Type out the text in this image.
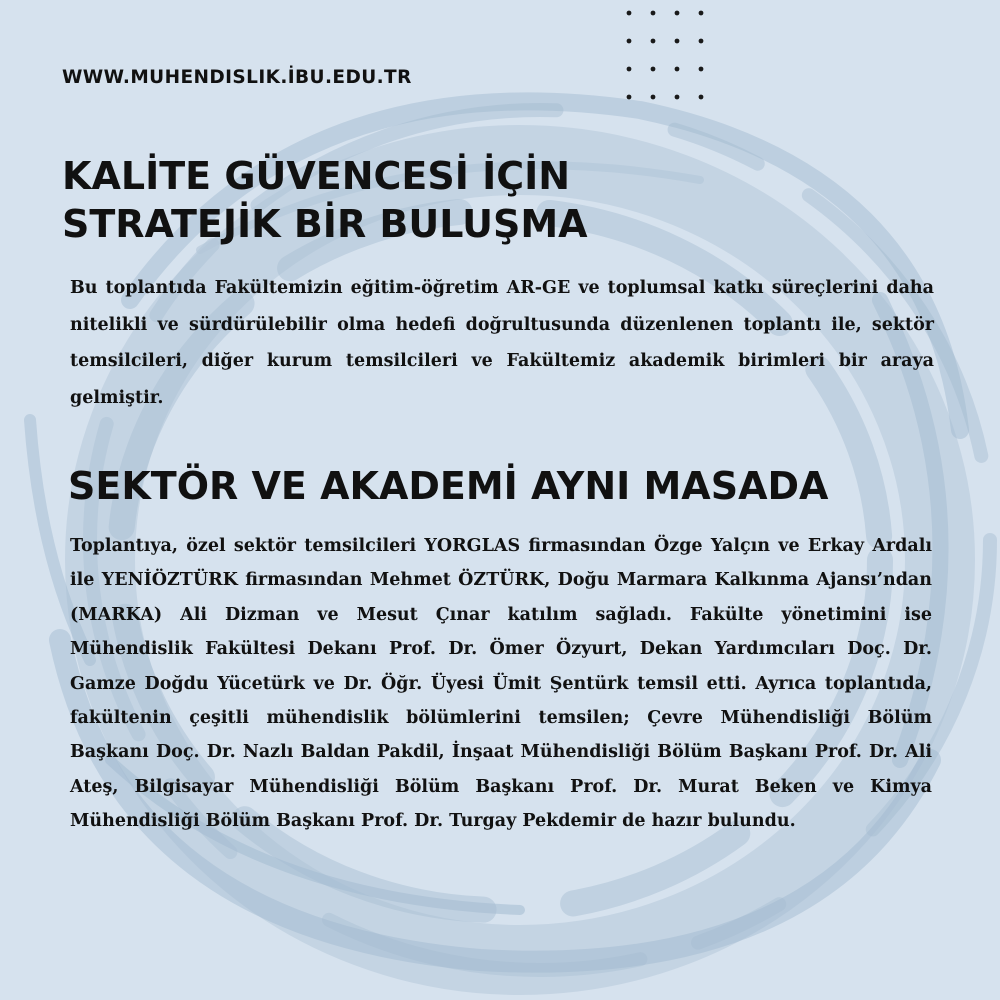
WWW.MUHENDISLIK.İBU.EDU.TR
KALİTE GÜVENCESİ İÇİN STRATEJİK BİR BULUŞMA

Bu toplantıda Fakültemizin eğitim-öğretim AR-GE ve toplumsal katkı süreçlerini daha nitelikli ve sürdürülebilir olma hedefi doğrultusunda düzenlenen toplantı ile, sektör temsilcileri, diğer kurum temsilcileri ve Fakültemiz akademik birimleri bir araya gelmiştir.

SEKTÖR VE AKADEMİ AYNI MASADA

Toplantıya, özel sektör temsilcileri YORGLAS firmasından Özge Yalçın ve Erkay Ardalı ile YENİÖZTÜRK firmasından Mehmet ÖZTÜRK, Doğu Marmara Kalkınma Ajansı’ndan (MARKA) Ali Dizman ve Mesut Çınar katılım sağladı. Fakülte yönetimini ise Mühendislik Fakültesi Dekanı Prof. Dr. Ömer Özyurt, Dekan Yardımcıları Doç. Dr. Gamze Doğdu Yücetürk ve Dr. Öğr. Üyesi Ümit Şentürk temsil etti. Ayrıca toplantıda, fakültenin çeşitli mühendislik bölümlerini temsilen; Çevre Mühendisliği Bölüm Başkanı Doç. Dr. Nazlı Baldan Pakdil, İnşaat Mühendisliği Bölüm Başkanı Prof. Dr. Ali Ateş, Bilgisayar Mühendisliği Bölüm Başkanı Prof. Dr. Murat Beken ve Kimya Mühendisliği Bölüm Başkanı Prof. Dr. Turgay Pekdemir de hazır bulundu.
